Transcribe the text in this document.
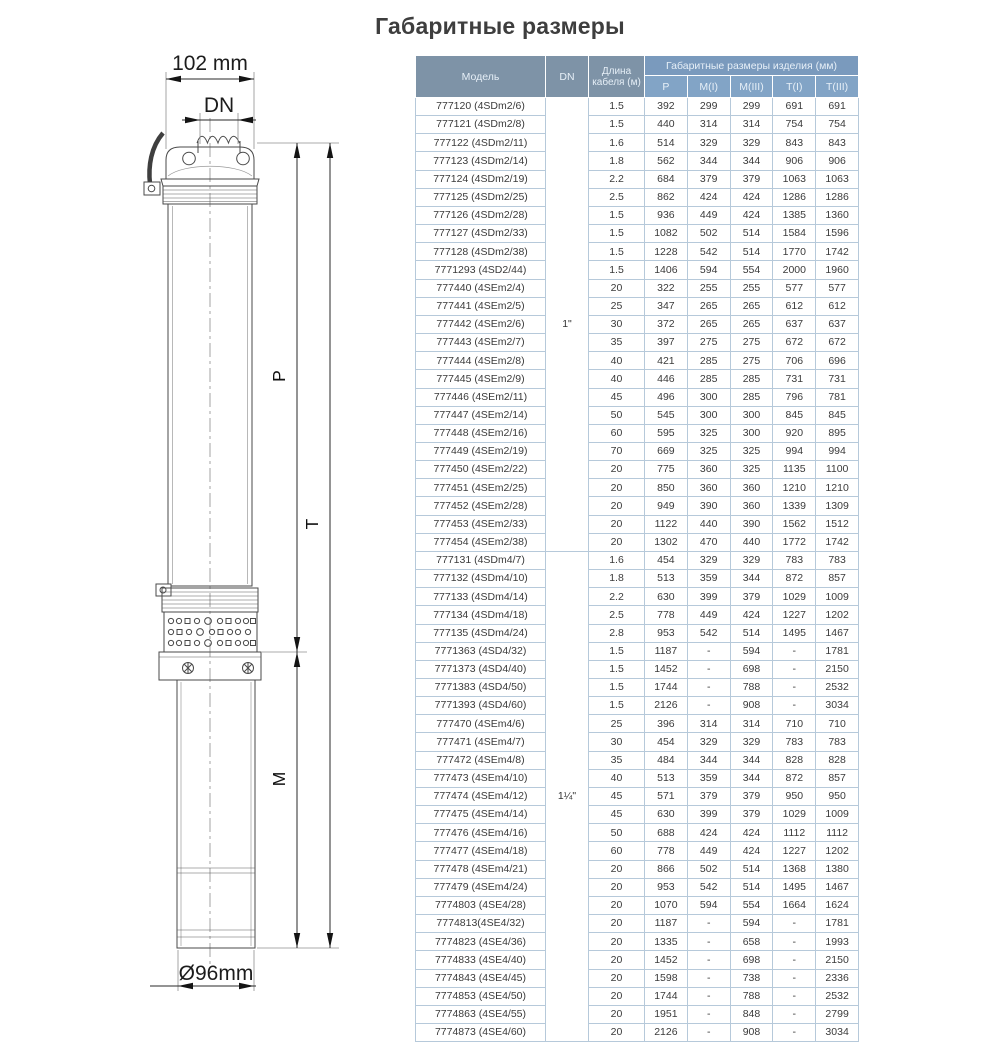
Габаритные размеры
102 mm
DN
P
T
M
Ø96mm
Модель	DN	Длина кабеля (м)	Габаритные размеры изделия (мм)				
			P	M(I)	M(III)	T(I)	T(III)
777120 (4SDm2/6)	1"	1.5	392	299	299	691	691
777121 (4SDm2/8)		1.5	440	314	314	754	754
777122 (4SDm2/11)		1.6	514	329	329	843	843
777123 (4SDm2/14)		1.8	562	344	344	906	906
777124 (4SDm2/19)		2.2	684	379	379	1063	1063
777125 (4SDm2/25)		2.5	862	424	424	1286	1286
777126 (4SDm2/28)		1.5	936	449	424	1385	1360
777127 (4SDm2/33)		1.5	1082	502	514	1584	1596
777128 (4SDm2/38)		1.5	1228	542	514	1770	1742
7771293 (4SD2/44)		1.5	1406	594	554	2000	1960
777440 (4SEm2/4)		20	322	255	255	577	577
777441 (4SEm2/5)		25	347	265	265	612	612
777442 (4SEm2/6)		30	372	265	265	637	637
777443 (4SEm2/7)		35	397	275	275	672	672
777444 (4SEm2/8)		40	421	285	275	706	696
777445 (4SEm2/9)		40	446	285	285	731	731
777446 (4SEm2/11)		45	496	300	285	796	781
777447 (4SEm2/14)		50	545	300	300	845	845
777448 (4SEm2/16)		60	595	325	300	920	895
777449 (4SEm2/19)		70	669	325	325	994	994
777450 (4SEm2/22)		20	775	360	325	1135	1100
777451 (4SEm2/25)		20	850	360	360	1210	1210
777452 (4SEm2/28)		20	949	390	360	1339	1309
777453 (4SEm2/33)		20	1122	440	390	1562	1512
777454 (4SEm2/38)		20	1302	470	440	1772	1742
777131 (4SDm4/7)	1¼"	1.6	454	329	329	783	783
777132 (4SDm4/10)		1.8	513	359	344	872	857
777133 (4SDm4/14)		2.2	630	399	379	1029	1009
777134 (4SDm4/18)		2.5	778	449	424	1227	1202
777135 (4SDm4/24)		2.8	953	542	514	1495	1467
7771363 (4SD4/32)		1.5	1187	-	594	-	1781
7771373 (4SD4/40)		1.5	1452	-	698	-	2150
7771383 (4SD4/50)		1.5	1744	-	788	-	2532
7771393 (4SD4/60)		1.5	2126	-	908	-	3034
777470 (4SEm4/6)		25	396	314	314	710	710
777471 (4SEm4/7)		30	454	329	329	783	783
777472 (4SEm4/8)		35	484	344	344	828	828
777473 (4SEm4/10)		40	513	359	344	872	857
777474 (4SEm4/12)		45	571	379	379	950	950
777475 (4SEm4/14)		45	630	399	379	1029	1009
777476 (4SEm4/16)		50	688	424	424	1112	1112
777477 (4SEm4/18)		60	778	449	424	1227	1202
777478 (4SEm4/21)		20	866	502	514	1368	1380
777479 (4SEm4/24)		20	953	542	514	1495	1467
7774803 (4SE4/28)		20	1070	594	554	1664	1624
7774813(4SE4/32)		20	1187	-	594	-	1781
7774823 (4SE4/36)		20	1335	-	658	-	1993
7774833 (4SE4/40)		20	1452	-	698	-	2150
7774843 (4SE4/45)		20	1598	-	738	-	2336
7774853 (4SE4/50)		20	1744	-	788	-	2532
7774863 (4SE4/55)		20	1951	-	848	-	2799
7774873 (4SE4/60)		20	2126	-	908	-	3034
